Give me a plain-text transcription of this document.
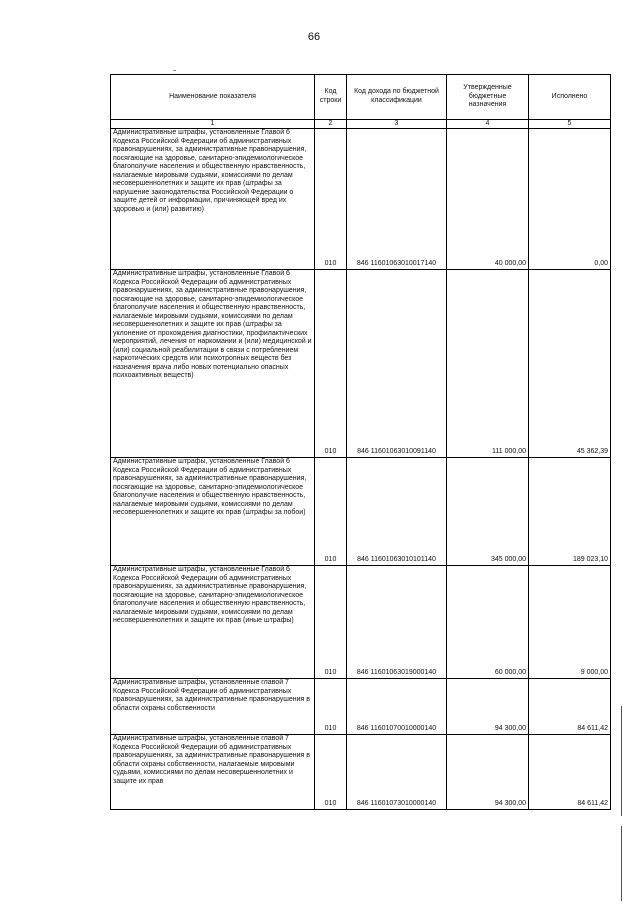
66
Наименование показателя	Код строки	Код дохода по бюджетной классификации	Утвержденные бюджетные назначения	Исполнено
1	2	3	4	5
Административные штрафы, установленные Главой 6 Кодекса Российской Федерации об административных правонарушениях, за административные правонарушения, посягающие на здоровье, санитарно-эпидемиологическое благополучие населения и общественную нравственность, налагаемые мировыми судьями, комиссиями по делам несовершеннолетних и защите их прав (штрафы за нарушение законодательства Российской Федерации о защите детей от информации, причиняющей вред их здоровью и (или) развитию)	010	846 11601063010017140	40 000,00	0,00
Административные штрафы, установленные Главой 6 Кодекса Российской Федерации об административных правонарушениях, за административные правонарушения, посягающие на здоровье, санитарно-эпидемиологическое благополучие населения и общественную нравственность, налагаемые мировыми судьями, комиссиями по делам несовершеннолетних и защите их прав (штрафы за уклонение от прохождения диагностики, профилактических мероприятий, лечения от наркомании и (или) медицинской и (или) социальной реабилитации в связи с потреблением наркотических средств или психотропных веществ без назначения врача либо новых потенциально опасных психоактивных веществ)	010	846 11601063010091140	111 000,00	45 362,39
Административные штрафы, установленные Главой 6 Кодекса Российской Федерации об административных правонарушениях, за административные правонарушения, посягающие на здоровье, санитарно-эпидемиологическое благополучие населения и общественную нравственность, налагаемые мировыми судьями, комиссиями по делам несовершеннолетних и защите их прав (штрафы за побои)	010	846 11601063010101140	345 000,00	189 023,10
Административные штрафы, установленные Главой 6 Кодекса Российской Федерации об административных правонарушениях, за административные правонарушения, посягающие на здоровье, санитарно-эпидемиологическое благополучие населения и общественную нравственность, налагаемые мировыми судьями, комиссиями по делам несовершеннолетних и защите их прав (иные штрафы)	010	846 11601063019000140	60 000,00	9 000,00
Административные штрафы, установленные главой 7 Кодекса Российской Федерации об административных правонарушениях, за административные правонарушения в области охраны собственности	010	846 11601070010000140	94 300,00	84 611,42
Административные штрафы, установленные главой 7 Кодекса Российской Федерации об административных правонарушениях, за административные правонарушения в области охраны собственности, налагаемые мировыми судьями, комиссиями по делам несовершеннолетних и защите их прав	010	846 11601073010000140	94 300,00	84 611,42
